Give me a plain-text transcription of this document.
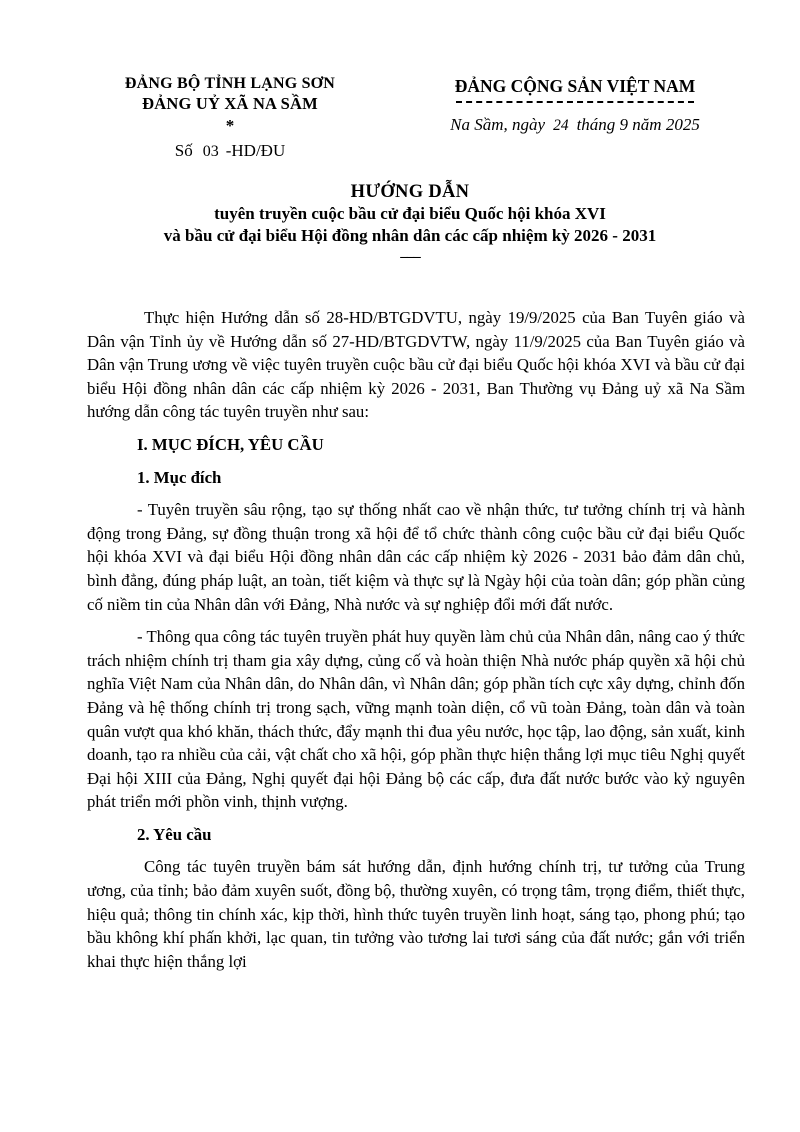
ĐẢNG BỘ TỈNH LẠNG SƠN
ĐẢNG UỶ XÃ NA SẦM
*
Số 03 -HD/ĐU
ĐẢNG CỘNG SẢN VIỆT NAM
Na Sầm, ngày 24 tháng 9 năm 2025
HƯỚNG DẪN
tuyên truyền cuộc bầu cử đại biểu Quốc hội khóa XVI
và bầu cử đại biểu Hội đồng nhân dân các cấp nhiệm kỳ 2026 - 2031
–––

Thực hiện Hướng dẫn số 28-HD/BTGDVTU, ngày 19/9/2025 của Ban Tuyên giáo và Dân vận Tỉnh ủy về Hướng dẫn số 27-HD/BTGDVTW, ngày 11/9/2025 của Ban Tuyên giáo và Dân vận Trung ương về việc tuyên truyền cuộc bầu cử đại biểu Quốc hội khóa XVI và bầu cử đại biểu Hội đồng nhân dân các cấp nhiệm kỳ 2026 - 2031, Ban Thường vụ Đảng uỷ xã Na Sầm hướng dẫn công tác tuyên truyền như sau:

I. MỤC ĐÍCH, YÊU CẦU

1. Mục đích

- Tuyên truyền sâu rộng, tạo sự thống nhất cao về nhận thức, tư tưởng chính trị và hành động trong Đảng, sự đồng thuận trong xã hội để tổ chức thành công cuộc bầu cử đại biểu Quốc hội khóa XVI và đại biểu Hội đồng nhân dân các cấp nhiệm kỳ 2026 - 2031 bảo đảm dân chủ, bình đẳng, đúng pháp luật, an toàn, tiết kiệm và thực sự là Ngày hội của toàn dân; góp phần củng cố niềm tin của Nhân dân với Đảng, Nhà nước và sự nghiệp đổi mới đất nước.

- Thông qua công tác tuyên truyền phát huy quyền làm chủ của Nhân dân, nâng cao ý thức trách nhiệm chính trị tham gia xây dựng, củng cố và hoàn thiện Nhà nước pháp quyền xã hội chủ nghĩa Việt Nam của Nhân dân, do Nhân dân, vì Nhân dân; góp phần tích cực xây dựng, chỉnh đốn Đảng và hệ thống chính trị trong sạch, vững mạnh toàn diện, cổ vũ toàn Đảng, toàn dân và toàn quân vượt qua khó khăn, thách thức, đẩy mạnh thi đua yêu nước, học tập, lao động, sản xuất, kinh doanh, tạo ra nhiều của cải, vật chất cho xã hội, góp phần thực hiện thắng lợi mục tiêu Nghị quyết Đại hội XIII của Đảng, Nghị quyết đại hội Đảng bộ các cấp, đưa đất nước bước vào kỷ nguyên phát triển mới phồn vinh, thịnh vượng.

2. Yêu cầu

Công tác tuyên truyền bám sát hướng dẫn, định hướng chính trị, tư tưởng của Trung ương, của tỉnh; bảo đảm xuyên suốt, đồng bộ, thường xuyên, có trọng tâm, trọng điểm, thiết thực, hiệu quả; thông tin chính xác, kịp thời, hình thức tuyên truyền linh hoạt, sáng tạo, phong phú; tạo bầu không khí phấn khởi, lạc quan, tin tưởng vào tương lai tươi sáng của đất nước; gắn với triển khai thực hiện thắng lợi
